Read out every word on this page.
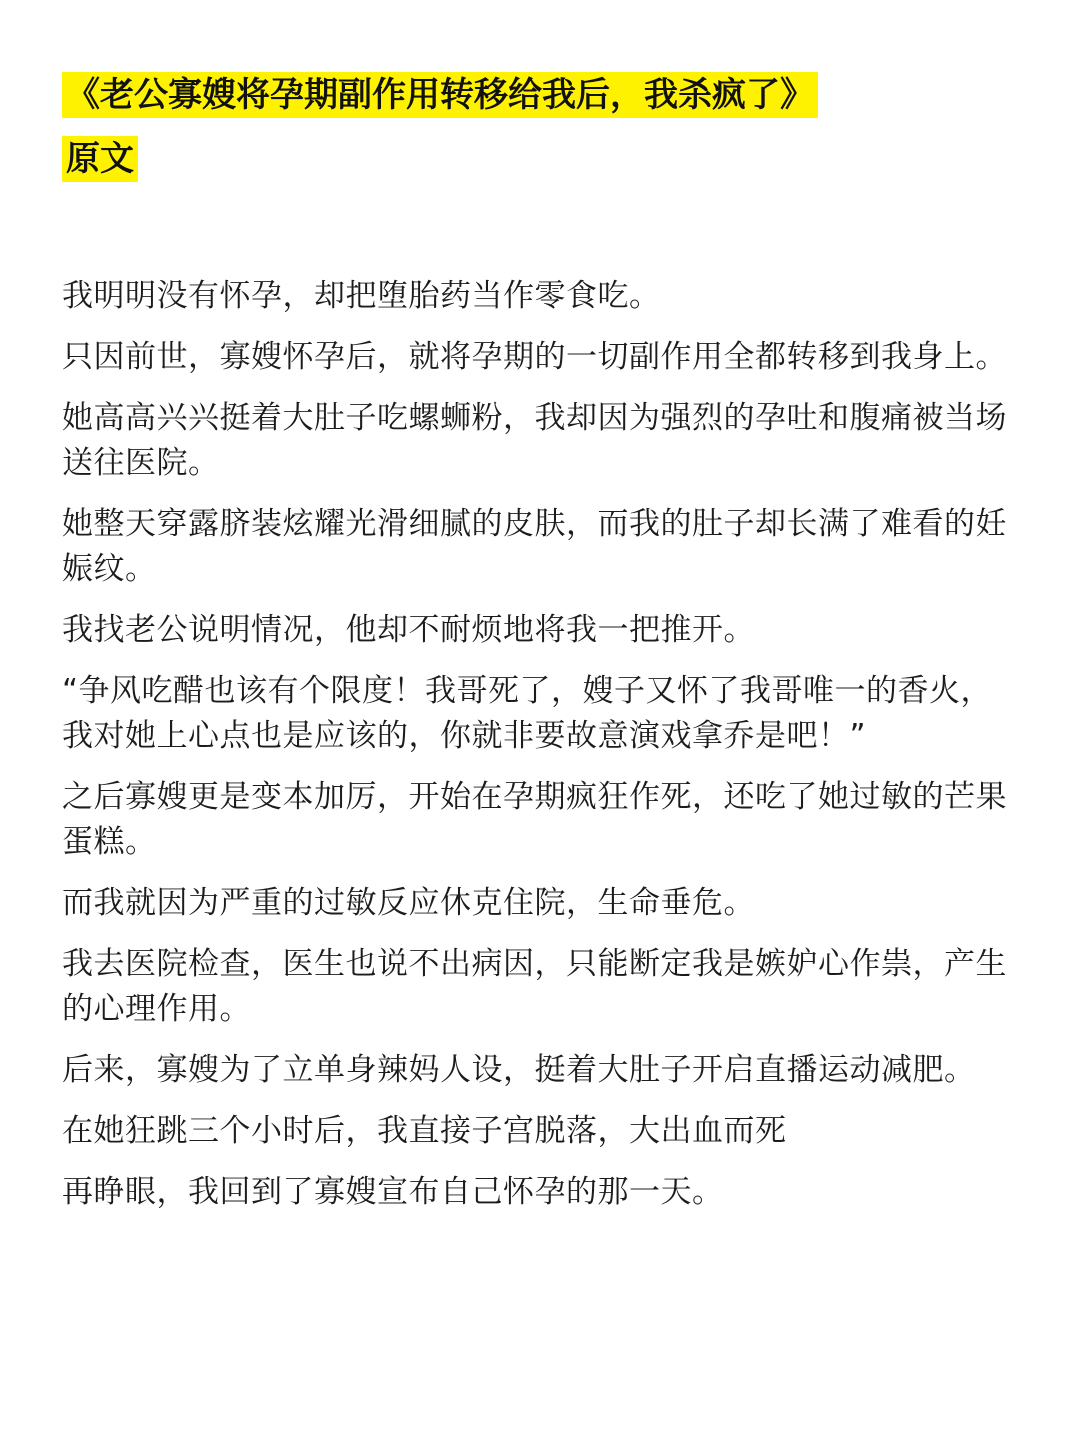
《老公寡嫂将孕期副作用转移给我后，我杀疯了》
原文

我明明没有怀孕，却把堕胎药当作零食吃。

只因前世，寡嫂怀孕后，就将孕期的一切副作用全都转移到我身上。

她高高兴兴挺着大肚子吃螺蛳粉，我却因为强烈的孕吐和腹痛被当场送往医院。

她整天穿露脐装炫耀光滑细腻的皮肤，而我的肚子却长满了难看的妊娠纹。

我找老公说明情况，他却不耐烦地将我一把推开。

“争风吃醋也该有个限度！我哥死了，嫂子又怀了我哥唯一的香火，我对她上心点也是应该的，你就非要故意演戏拿乔是吧！”

之后寡嫂更是变本加厉，开始在孕期疯狂作死，还吃了她过敏的芒果蛋糕。

而我就因为严重的过敏反应休克住院，生命垂危。

我去医院检查，医生也说不出病因，只能断定我是嫉妒心作祟，产生的心理作用。

后来，寡嫂为了立单身辣妈人设，挺着大肚子开启直播运动减肥。

在她狂跳三个小时后，我直接子宫脱落，大出血而死

再睁眼，我回到了寡嫂宣布自己怀孕的那一天。
